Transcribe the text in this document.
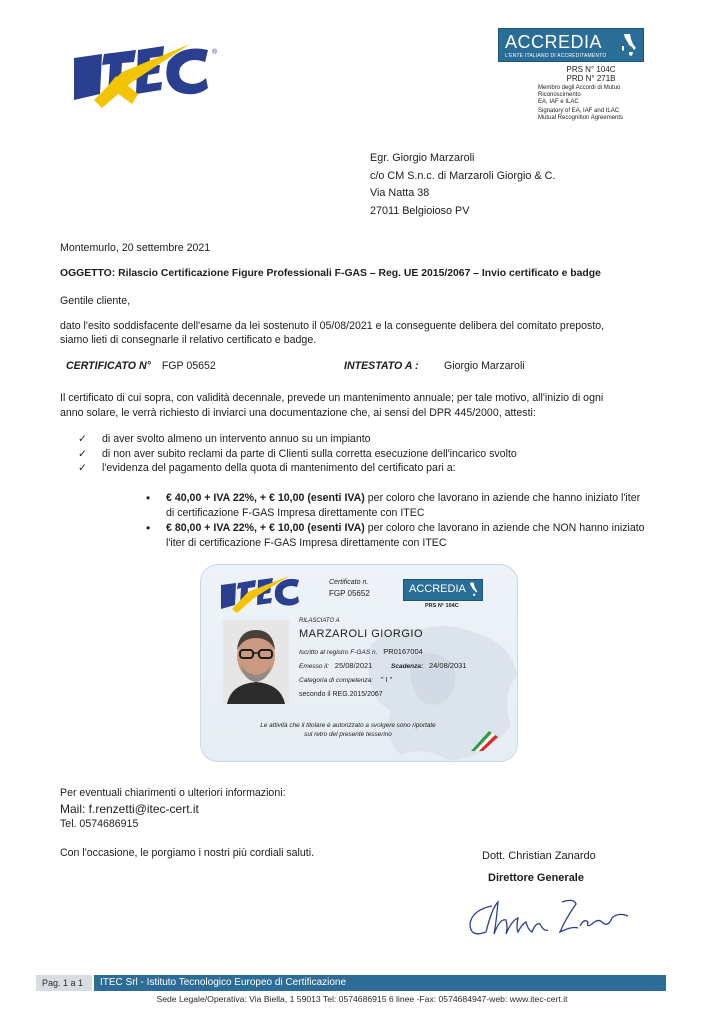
®
ACCREDIA
L'ENTE ITALIANO DI ACCREDITAMENTO
PRS N° 104C
PRD N° 271B
Membro degli Accordi di Mutuo Riconoscimento
EA, IAF e ILAC
Signatory of EA, IAF and ILAC
Mutual Recognition Agreements
Egr. Giorgio Marzaroli
c/o CM S.n.c. di Marzaroli Giorgio & C.
Via Natta 38
27011 Belgioioso PV
Montemurlo, 20 settembre 2021
OGGETTO: Rilascio Certificazione Figure Professionali F-GAS – Reg. UE 2015/2067 – Invio certificato e badge
Gentile cliente,
dato l'esito soddisfacente dell'esame da lei sostenuto il 05/08/2021 e la conseguente delibera del comitato preposto,
siamo lieti di consegnarle il relativo certificato e badge.
CERTIFICATO N° FGP 05652	INTESTATO A : Giorgio Marzaroli
Il certificato di cui sopra, con validità decennale, prevede un mantenimento annuale; per tale motivo, all'inizio di ogni
anno solare, le verrà richiesto di inviarci una documentazione che, ai sensi del DPR 445/2000, attesti:
✓	di aver svolto almeno un intervento annuo su un impianto
✓	di non aver subito reclami da parte di Clienti sulla corretta esecuzione dell'incarico svolto
✓	l'evidenza del pagamento della quota di mantenimento del certificato pari a:
•	€ 40,00 + IVA 22%, + € 10,00 (esenti IVA) per coloro che lavorano in aziende che hanno iniziato l'iter di certificazione F-GAS Impresa direttamente con ITEC
•	€ 80,00 + IVA 22%, + € 10,00 (esenti IVA) per coloro che lavorano in aziende che NON hanno iniziato l'iter di certificazione F-GAS Impresa direttamente con ITEC
Certificato n.
FGP 05652	ACCREDIA
PRS N° 104C
RILASCIATO A
MARZAROLI GIORGIO
Iscritto al registro F-GAS n. PR0167004
Emesso il: 25/08/2021	Scadenza: 24/08/2031
Categoria di competenza: " I "
secondo il REG.2015/2067
Le attività che il titolare è autorizzato a svolgere sono riportate
sul retro del presente tesserino
Per eventuali chiarimenti o ulteriori informazioni:
Mail: f.renzetti@itec-cert.it
Tel. 0574686915
Con l'occasione, le porgiamo i nostri più cordiali saluti.	Dott. Christian Zanardo
Direttore Generale
Pag. 1 a 1	ITEC Srl - Istituto Tecnologico Europeo di Certificazione
Sede Legale/Operativa: Via Biella, 1 59013 Tel: 0574686915 6 linee -Fax: 0574684947-web: www.itec-cert.it
